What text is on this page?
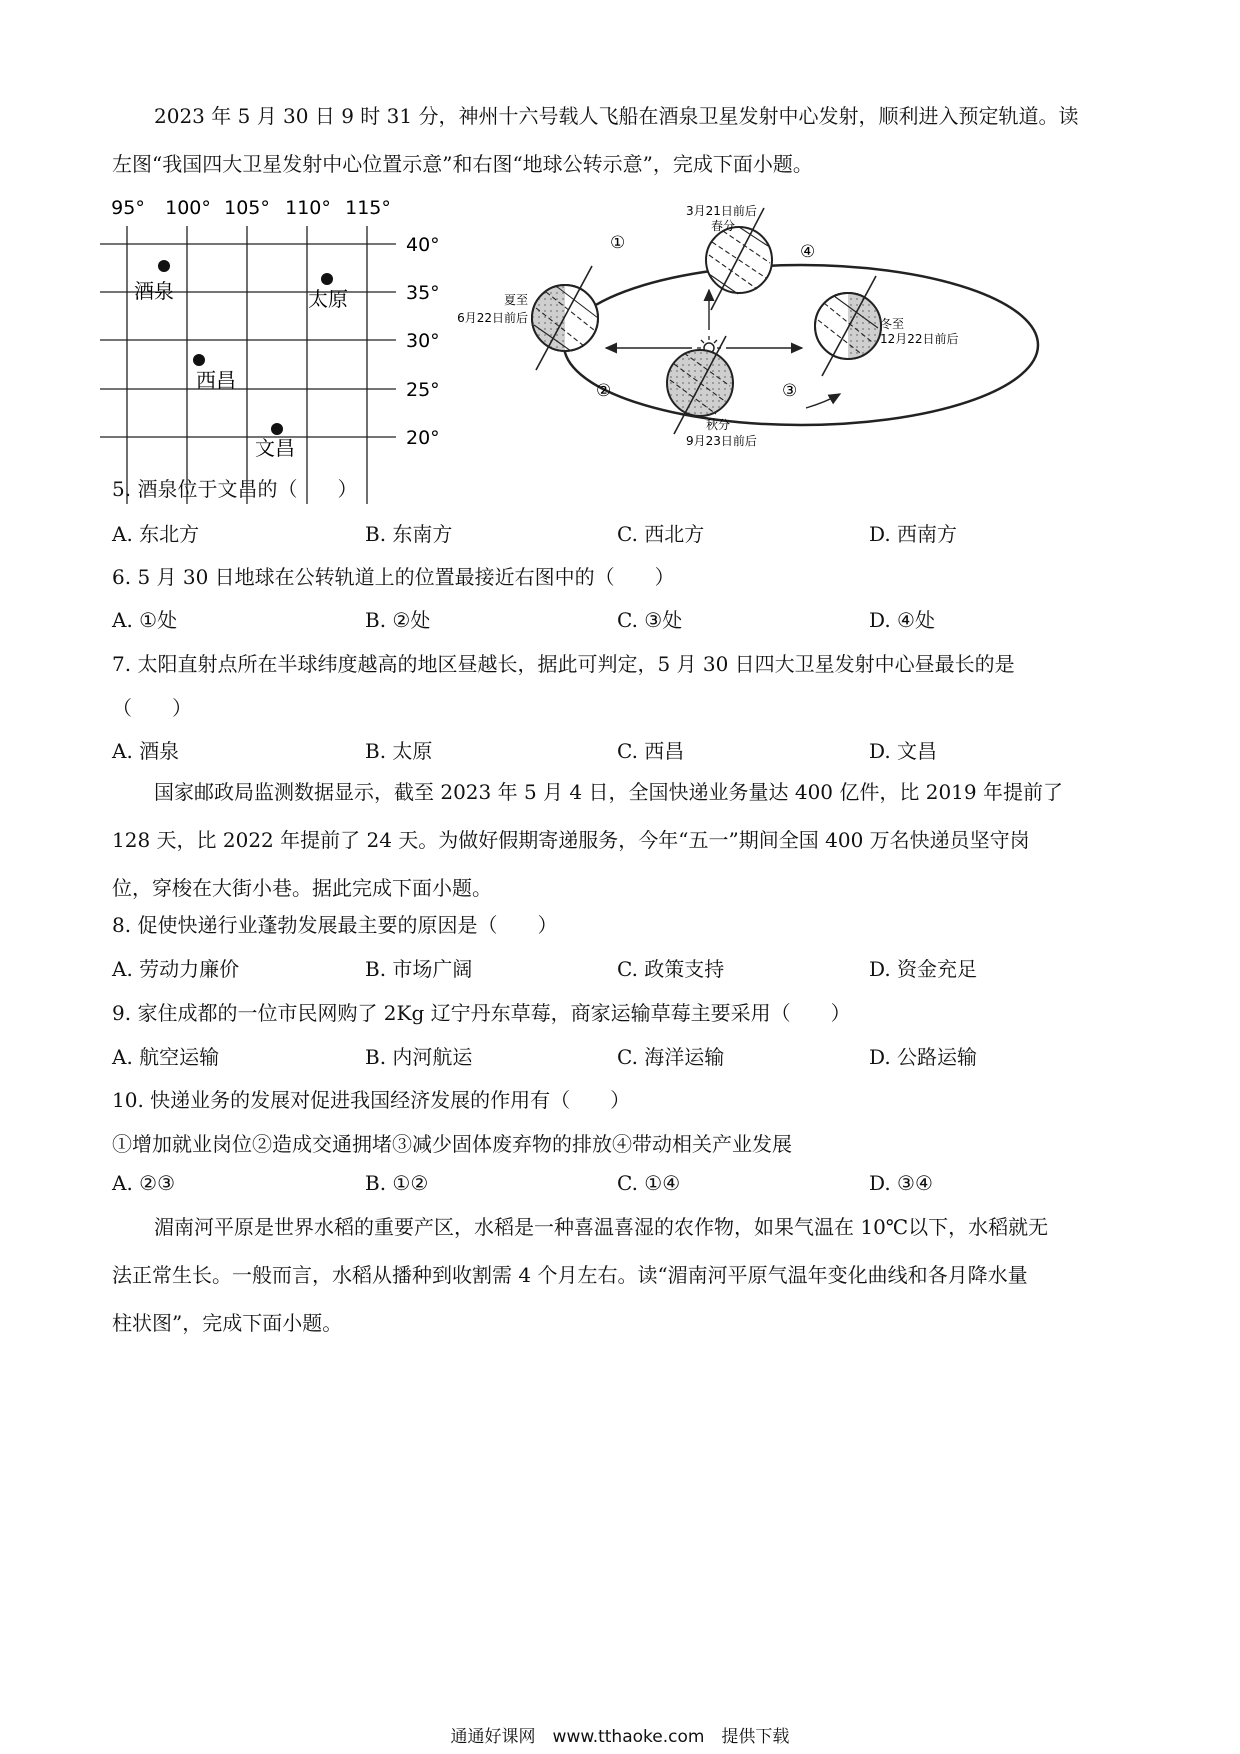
2023 年 5 月 30 日 9 时 31 分，神州十六号载人飞船在酒泉卫星发射中心发射，顺利进入预定轨道。读
左图“我国四大卫星发射中心位置示意”和右图“地球公转示意”，完成下面小题。
95° 100° 105° 110° 115°
40°
35°
30°
25°
20°
酒泉	太原
西昌
文昌
3月21日前后
春分
夏至
6月22日前后
秋分
9月23日前后
冬至
12月22日前后
①
②	③
④

5. 酒泉位于文昌的（　　）

A. 东北方	B. 东南方	C. 西北方	D. 西南方

6. 5 月 30 日地球在公转轨道上的位置最接近右图中的（　　）

A. ①处	B. ②处	C. ③处	D. ④处

7. 太阳直射点所在半球纬度越高的地区昼越长，据此可判定，5 月 30 日四大卫星发射中心昼最长的是

（　　）

A. 酒泉	B. 太原	C. 西昌	D. 文昌
国家邮政局监测数据显示，截至 2023 年 5 月 4 日，全国快递业务量达 400 亿件，比 2019 年提前了
128 天，比 2022 年提前了 24 天。为做好假期寄递服务，今年“五一”期间全国 400 万名快递员坚守岗
位，穿梭在大街小巷。据此完成下面小题。

8. 促使快递行业蓬勃发展最主要的原因是（　　）

A. 劳动力廉价	B. 市场广阔	C. 政策支持	D. 资金充足

9. 家住成都的一位市民网购了 2Kg 辽宁丹东草莓，商家运输草莓主要采用（　　）

A. 航空运输	B. 内河航运	C. 海洋运输	D. 公路运输

10. 快递业务的发展对促进我国经济发展的作用有（　　）

①增加就业岗位②造成交通拥堵③减少固体废弃物的排放④带动相关产业发展

A. ②③	B. ①②	C. ①④	D. ③④
湄南河平原是世界水稻的重要产区，水稻是一种喜温喜湿的农作物，如果气温在 10℃以下，水稻就无
法正常生长。一般而言，水稻从播种到收割需 4 个月左右。读“湄南河平原气温年变化曲线和各月降水量
柱状图”，完成下面小题。
通通好课网　www.tthaoke.com　提供下载
